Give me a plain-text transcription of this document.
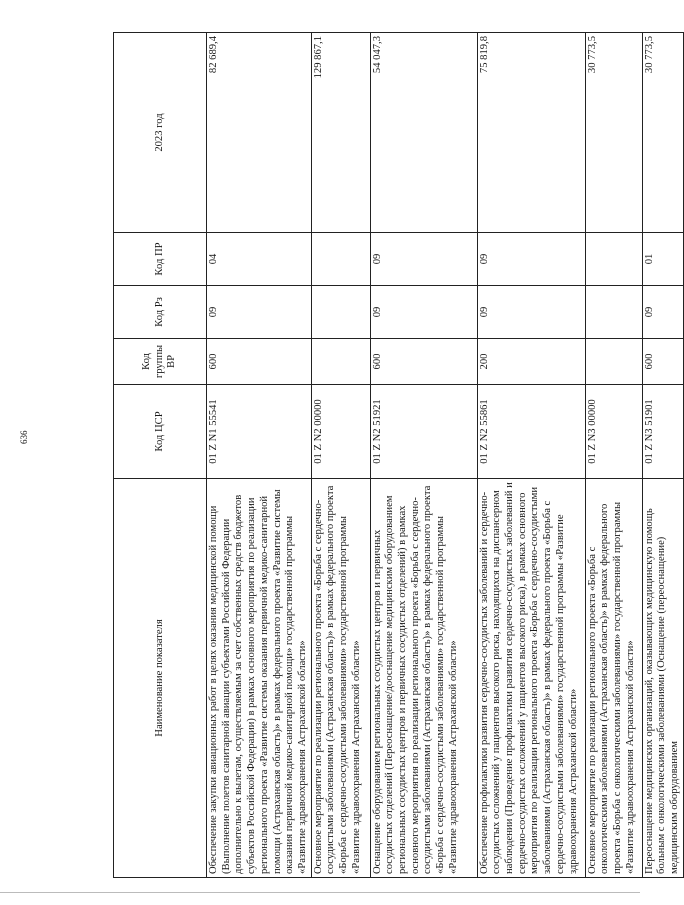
636
Наименование показателя	Код ЦСР	Код группы ВР	Код Рз	Код ПР	2023 год
Обеспечение закупки авиационных работ в целях оказания медицинской помощи (Выполнение полетов санитарной авиации субъектами Российской Федерации дополнительно к вылетам, осуществляемым за счет собственных средств бюджетов субъектов Российской Федерации) в рамках основного мероприятия по реализации регионального проекта «Развитие системы оказания первичной медико-санитарной помощи (Астраханская область)» в рамках федерального проекта «Развитие системы оказания первичной медико-санитарной помощи» государственной программы «Развитие здравоохранения Астраханской области»	01 Z N1 55541	600	09	04	82 689,4
Основное мероприятие по реализации регионального проекта «Борьба с сердечно-сосудистыми заболеваниями (Астраханская область)» в рамках федерального проекта «Борьба с сердечно-сосудистыми заболеваниями» государственной программы «Развитие здравоохранения Астраханской области»	01 Z N2 00000				129 867,1
Оснащение оборудованием региональных сосудистых центров и первичных сосудистых отделений (Переоснащение/дооснащение медицинским оборудованием региональных сосудистых центров и первичных сосудистых отделений) в рамках основного мероприятия по реализации регионального проекта «Борьба с сердечно-сосудистыми заболеваниями (Астраханская область)» в рамках федерального проекта «Борьба с сердечно-сосудистыми заболеваниями» государственной программы «Развитие здравоохранения Астраханской области»	01 Z N2 51921	600	09	09	54 047,3
Обеспечение профилактики развития сердечно-сосудистых заболеваний и сердечно-сосудистых осложнений у пациентов высокого риска, находящихся на диспансерном наблюдении (Проведение профилактики развития сердечно-сосудистых заболеваний и сердечно-сосудистых осложнений у пациентов высокого риска), в рамках основного мероприятия по реализации регионального проекта «Борьба с сердечно-сосудистыми заболеваниями (Астраханская область)» в рамках федерального проекта «Борьба с сердечно-сосудистыми заболеваниями» государственной программы «Развитие здравоохранения Астраханской области»	01 Z N2 55861	200	09	09	75 819,8
Основное мероприятие по реализации регионального проекта «Борьба с онкологическими заболеваниями (Астраханская область)» в рамках федерального проекта «Борьба с онкологическими заболеваниями» государственной программы «Развитие здравоохранения Астраханской области»	01 Z N3 00000				30 773,5
Переоснащение медицинских организаций, оказывающих медицинскую помощь больным с онкологическими заболеваниями (Оснащение (переоснащение) медицинским оборудованием	01 Z N3 51901	600	09	01	30 773,5
